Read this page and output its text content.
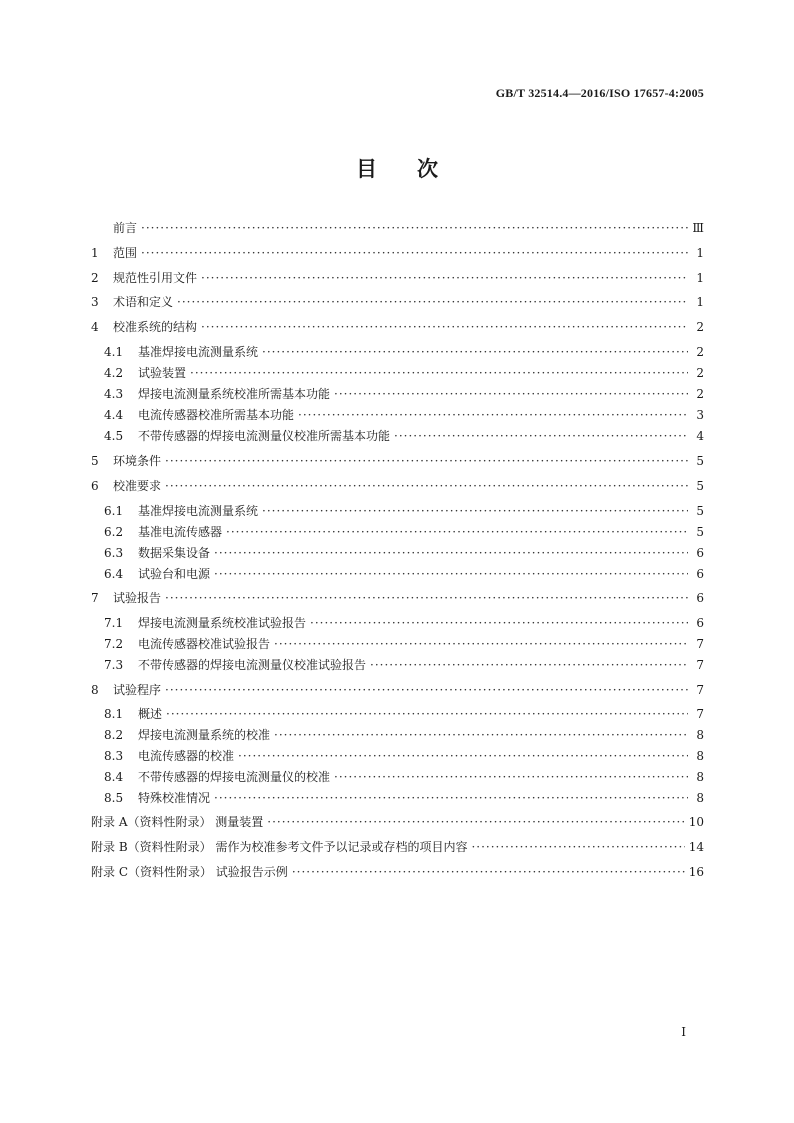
GB/T 32514.4—2016/ISO 17657-4:2005
目次
前言 ·····	Ⅲ
1	范围 ·····	1
2	规范性引用文件 ·····	1
3	术语和定义 ·····	1
4	校准系统的结构 ·····	2
4.1	基准焊接电流测量系统 ·····	2
4.2	试验装置 ·····	2
4.3	焊接电流测量系统校准所需基本功能 ·····	2
4.4	电流传感器校准所需基本功能 ·····	3
4.5	不带传感器的焊接电流测量仪校准所需基本功能 ·····	4
5	环境条件 ·····	5
6	校准要求 ·····	5
6.1	基准焊接电流测量系统 ·····	5
6.2	基准电流传感器 ·····	5
6.3	数据采集设备 ·····	6
6.4	试验台和电源 ·····	6
7	试验报告 ·····	6
7.1	焊接电流测量系统校准试验报告 ·····	6
7.2	电流传感器校准试验报告 ·····	7
7.3	不带传感器的焊接电流测量仪校准试验报告 ·····	7
8	试验程序 ·····	7
8.1	概述 ·····	7
8.2	焊接电流测量系统的校准 ·····	8
8.3	电流传感器的校准 ·····	8
8.4	不带传感器的焊接电流测量仪的校准 ·····	8
8.5	特殊校准情况 ·····	8
附录 A（资料性附录） 测量装置 ·····	10
附录 B（资料性附录） 需作为校准参考文件予以记录或存档的项目内容 ·····	14
附录 C（资料性附录） 试验报告示例 ·····	16
I
